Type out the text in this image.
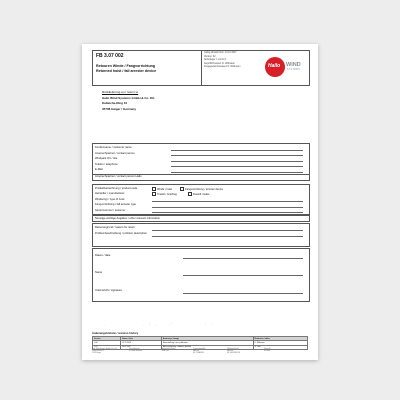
FB 3.07 002
Retouren Winde / Fangvorrichtung
Returned hoist / fall arrester device
Gültig ab/valid from: 19.07.2017
Version: 02
Seite/page: 1 von/of 1
Geprüft/checked: D. Wißmann
Freigegeben/released: D. Wißmann	Hailo WIND
SYSTEMS
Rücklieferung an / return to
Hailo Wind Systems GmbH & Co. KG
Kalteiche-Ring 10
35708 Haiger / Germany
Kundenname / customer name
Ansprechpartner / contact person
Windpark Ort / site
Telefon / telephone
E-Mail
Ansprechpartner / contact person Hailo
Produktbezeichnung / product code	Winde / hoist	Fangvorrichtung / arrester device
Hersteller / manufacturer	Tractel / Greifzug	DuaLift / Hailo
Windentyp / type of hoist
Fangvorrichtung / fall arrester type
Seriennummer / serial no.
Sonstige wichtige Angaben / other relevant information
Retourengrund / reason for return
Problembeschreibung / problem description
Datum / date
Name
Unterschrift / signature
Retouren aus einem Einsatz außerhalb des EU-Wirtschaftsraumes oder den Gültigkeitsbereich der Hailo Wind Systems GmbH & Co. KG werden zur Bearbeitung nicht angenommen.
Returns from an operation outside the EU economic area will not be accepted for processing. Please contact your local service partner.
Änderungshistorie / revision history
Version	Datum / date	Änderung / change	Bearbeiter / editor
1.00	15.12.2016	Neuerstellung / new publication	D. Wißmann
1.01	19.07.2017	Adressänderung / address updated	S. Löhr
Hailo Wind Systems GmbH & Co. KG
Kalteiche-Ring 10
35708 Haiger
Geschäftsführer
Dr. Kaveh Bärmann
Amtsgericht Wetzlar
HRA 5530
Commerzbank AG
IBAN DE
BIC COBADEFF
Volksbank Dill eG
IBAN DE
BIC GENODE51DIL
Steuer-Nr.
USt-IdNr.
